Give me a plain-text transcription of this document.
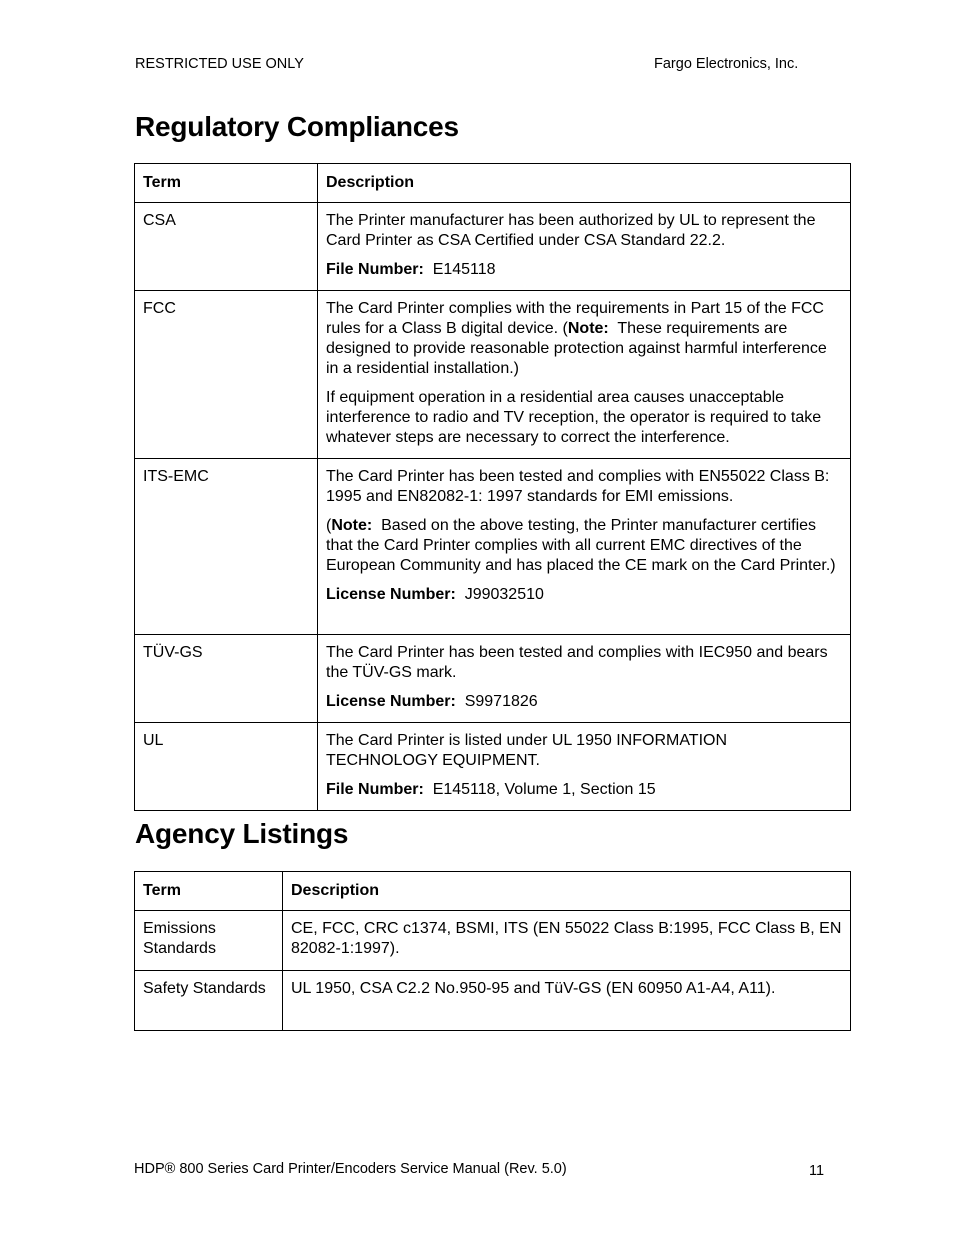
RESTRICTED USE ONLY	Fargo Electronics, Inc.
Regulatory Compliances
Term	Description
CSA	The Printer manufacturer has been authorized by UL to represent the Card Printer as CSA Certified under CSA Standard 22.2.

File Number: E145118

FCC	The Card Printer complies with the requirements in Part 15 of the FCC rules for a Class B digital device. (Note: These requirements are designed to provide reasonable protection against harmful interference in a residential installation.)

If equipment operation in a residential area causes unacceptable interference to radio and TV reception, the operator is required to take whatever steps are necessary to correct the interference.

ITS-EMC	The Card Printer has been tested and complies with EN55022 Class B: 1995 and EN82082-1: 1997 standards for EMI emissions.

(Note: Based on the above testing, the Printer manufacturer certifies that the Card Printer complies with all current EMC directives of the European Community and has placed the CE mark on the Card Printer.)

License Number: J99032510

TÜV-GS	The Card Printer has been tested and complies with IEC950 and bears the TÜV-GS mark.

License Number: S9971826

UL	The Card Printer is listed under UL 1950 INFORMATION TECHNOLOGY EQUIPMENT.

File Number: E145118, Volume 1, Section 15

Agency Listings
Term	Description
Emissions Standards	CE, FCC, CRC c1374, BSMI, ITS (EN 55022 Class B:1995, FCC Class B, EN 82082-1:1997).
Safety Standards	UL 1950, CSA C2.2 No.950-95 and TüV-GS (EN 60950 A1-A4, A11).
HDP® 800 Series Card Printer/Encoders Service Manual (Rev. 5.0)	11
